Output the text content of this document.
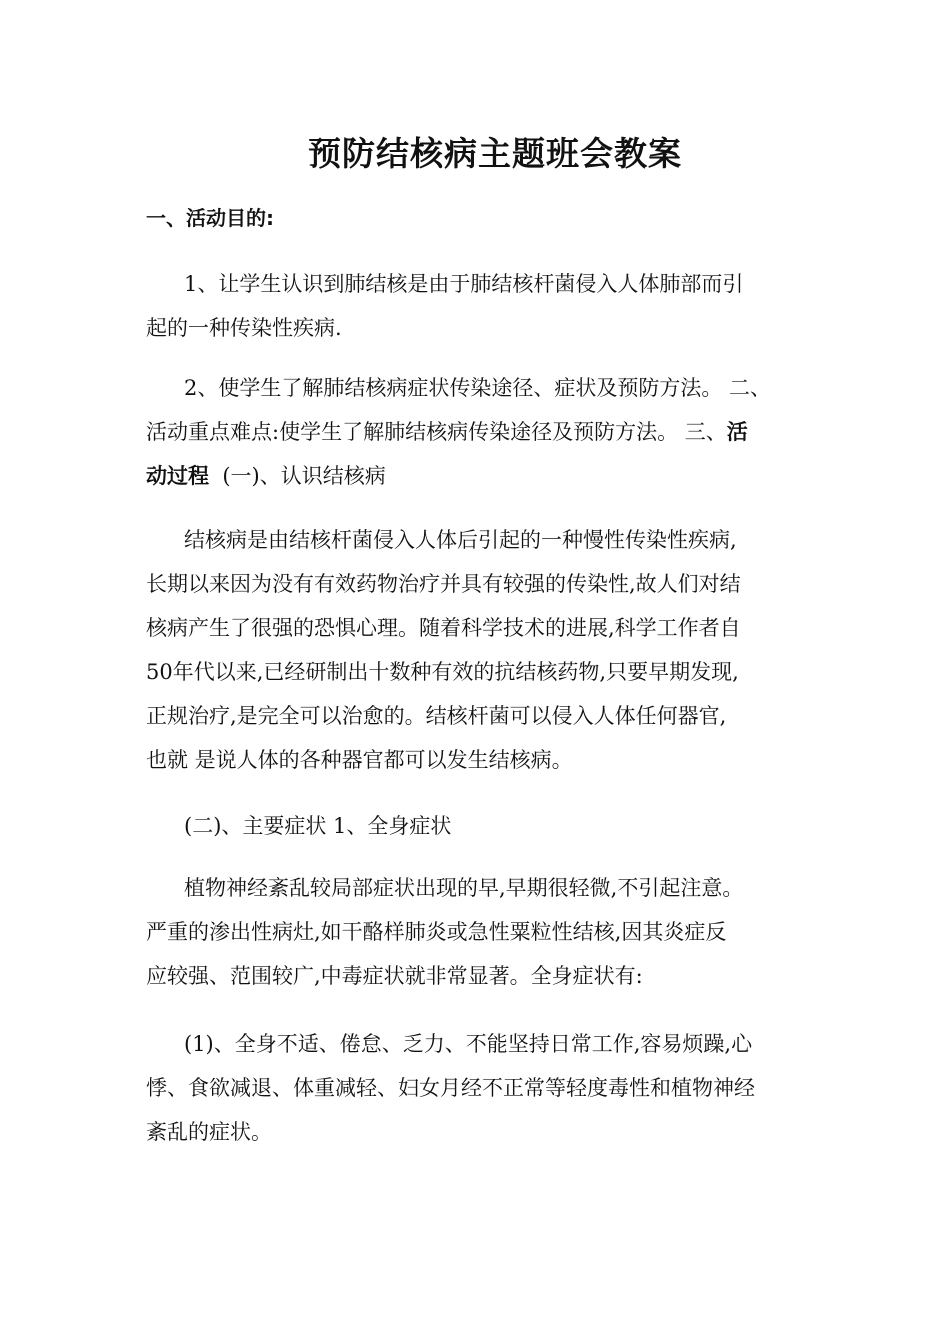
预防结核病主题班会教案
一、活动目的:
1、让学生认识到肺结核是由于肺结核杆菌侵入人体肺部而引
起的一种传染性疾病.
2、使学生了解肺结核病症状传染途径、症状及预防方法。 二、
活动重点难点:使学生了解肺结核病传染途径及预防方法。 三、活
动过程  (一)、认识结核病
结核病是由结核杆菌侵入人体后引起的一种慢性传染性疾病,
长期以来因为没有有效药物治疗并具有较强的传染性,故人们对结
核病产生了很强的恐惧心理。随着科学技术的进展,科学工作者自
50年代以来,已经研制出十数种有效的抗结核药物,只要早期发现,
正规治疗,是完全可以治愈的。结核杆菌可以侵入人体任何器官,
也就 是说人体的各种器官都可以发生结核病。
(二)、主要症状 1、全身症状
植物神经紊乱较局部症状出现的早,早期很轻微,不引起注意。
严重的渗出性病灶,如干酪样肺炎或急性粟粒性结核,因其炎症反
应较强、范围较广,中毒症状就非常显著。全身症状有:
(1)、全身不适、倦怠、乏力、不能坚持日常工作,容易烦躁,心
悸、食欲减退、体重减轻、妇女月经不正常等轻度毒性和植物神经
紊乱的症状。
